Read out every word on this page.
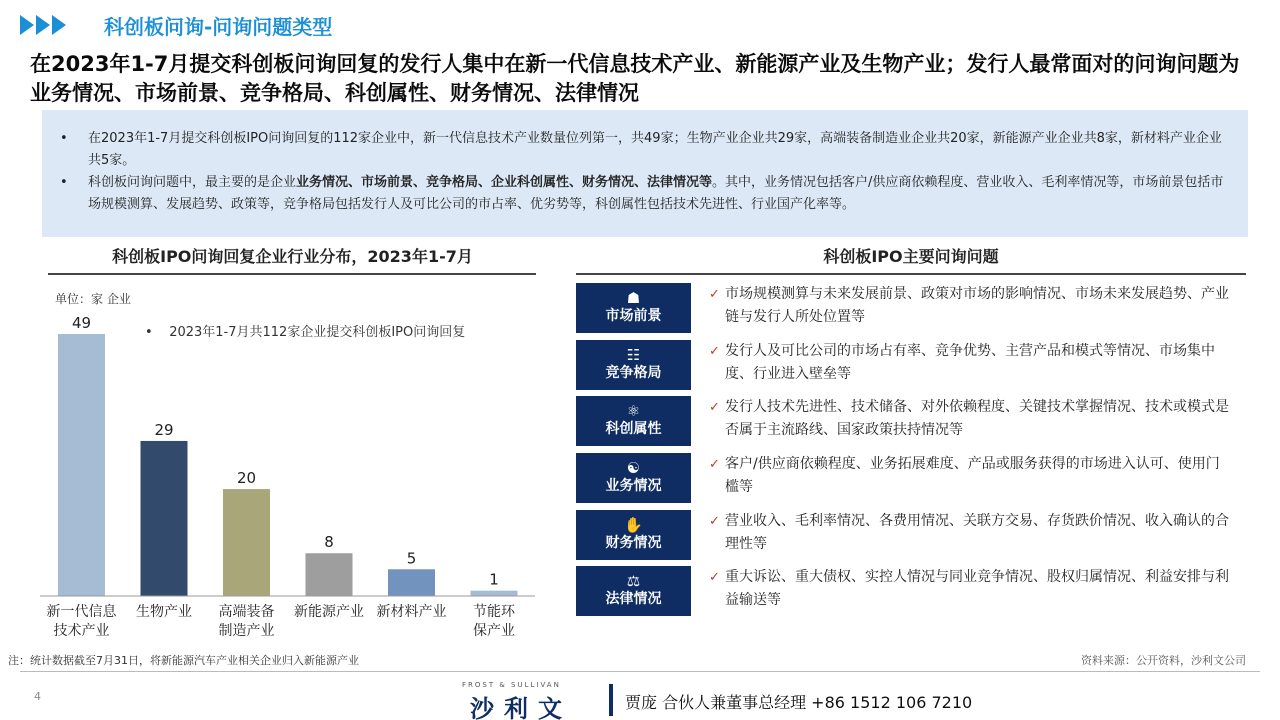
科创板问询-问询问题类型
在2023年1-7月提交科创板问询回复的发行人集中在新一代信息技术产业、新能源产业及生物产业；发行人最常面对的问询问题为业务情况、市场前景、竞争格局、科创属性、财务情况、法律情况
•	在2023年1-7月提交科创板IPO问询回复的112家企业中，新一代信息技术产业数量位列第一，共49家；生物产业企业共29家，高端装备制造业企业共20家，新能源产业企业共8家，新材料产业企业共5家。
•	科创板问询问题中，最主要的是企业业务情况、市场前景、竞争格局、企业科创属性、财务情况、法律情况等。其中，业务情况包括客户/供应商依赖程度、营业收入、毛利率情况等，市场前景包括市场规模测算、发展趋势、政策等，竞争格局包括发行人及可比公司的市占率、优劣势等，科创属性包括技术先进性、行业国产化率等。
科创板IPO问询回复企业行业分布，2023年1-7月	科创板IPO主要问询问题
单位：家 企业
•    2023年1-7月共112家企业提交科创板IPO问询回复
49
新一代信息技术产业
29
生物产业
20
高端装备制造产业
8
新能源产业
5
新材料产业
1
节能环保产业
☗
市场前景
✓ 市场规模测算与未来发展前景、政策对市场的影响情况、市场未来发展趋势、产业链与发行人所处位置等
☷
竞争格局
✓ 发行人及可比公司的市场占有率、竞争优势、主营产品和模式等情况、市场集中度、行业进入壁垒等
⚛
科创属性
✓ 发行人技术先进性、技术储备、对外依赖程度、关键技术掌握情况、技术或模式是否属于主流路线、国家政策扶持情况等
☯
业务情况
✓ 客户/供应商依赖程度、业务拓展难度、产品或服务获得的市场进入认可、使用门槛等
✋
财务情况
✓ 营业收入、毛利率情况、各费用情况、关联方交易、存货跌价情况、收入确认的合理性等
⚖
法律情况
✓ 重大诉讼、重大债权、实控人情况与同业竞争情况、股权归属情况、利益安排与利益输送等
注：统计数据截至7月31日，将新能源汽车产业相关企业归入新能源产业	资料来源：公开资料，沙利文公司
4
FROST & SULLIVAN
沙利文	贾庞 合伙人兼董事总经理 +86 1512 106 7210
